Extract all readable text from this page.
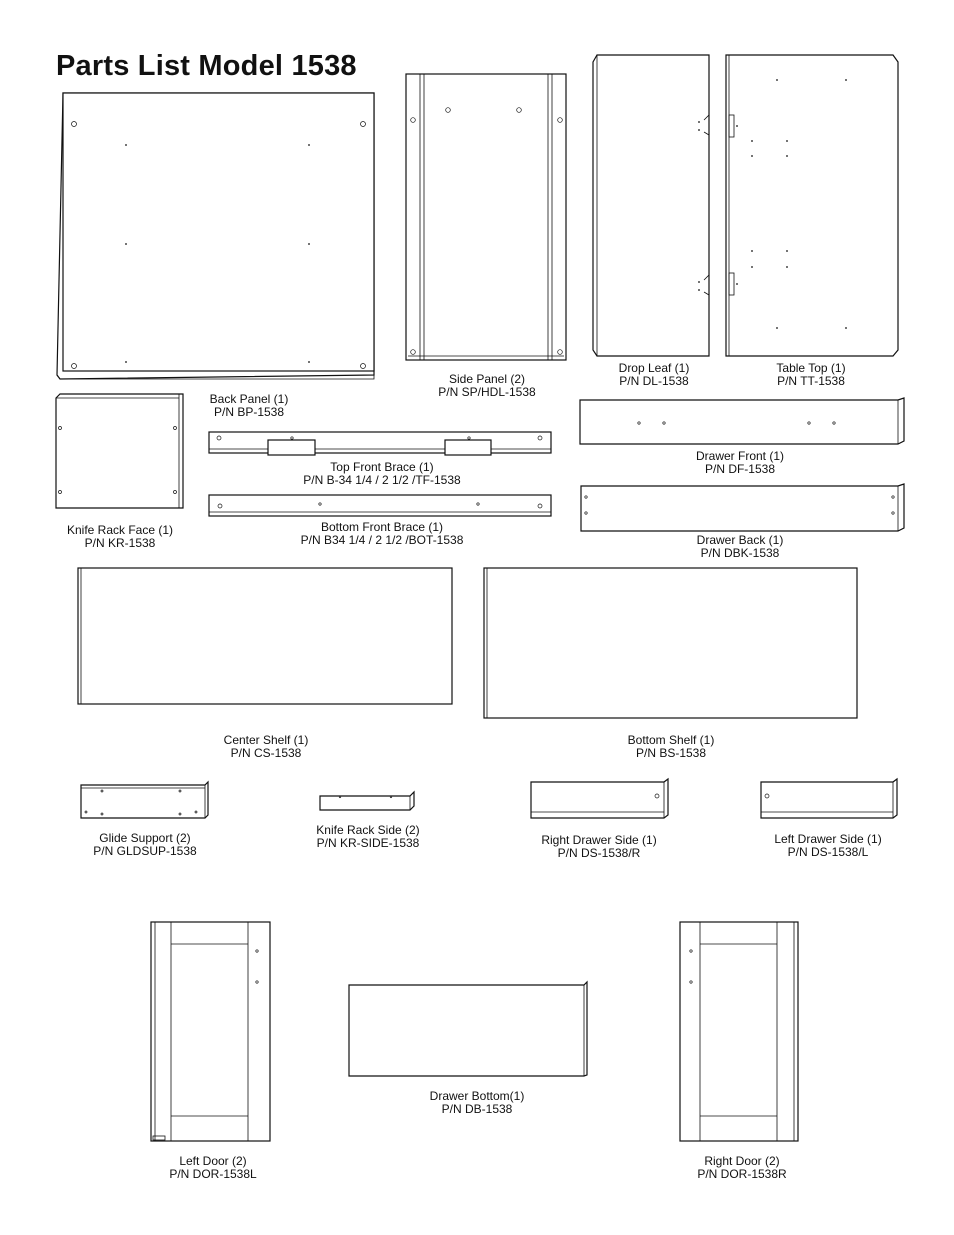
Parts List Model 1538
Back Panel (1)
P/N BP-1538
Side Panel (2)
P/N SP/HDL-1538
Drop Leaf (1)
P/N DL-1538
Table Top (1)
P/N TT-1538
Knife Rack Face (1)
P/N KR-1538
Top Front Brace (1)
P/N B-34 1/4 / 2 1/2 /TF-1538
Bottom Front Brace (1)
P/N B34 1/4 / 2 1/2 /BOT-1538
Drawer Front (1)
P/N DF-1538
Drawer Back (1)
P/N DBK-1538
Center Shelf (1)
P/N CS-1538
Bottom Shelf (1)
P/N BS-1538
Glide Support (2)
P/N GLDSUP-1538
Knife Rack Side (2)
P/N KR-SIDE-1538	Right Drawer Side (1)
P/N DS-1538/R
Left Drawer Side (1)
P/N DS-1538/L
Drawer Bottom(1)
P/N DB-1538
Left Door (2)
P/N DOR-1538L
Right Door (2)
P/N DOR-1538R
